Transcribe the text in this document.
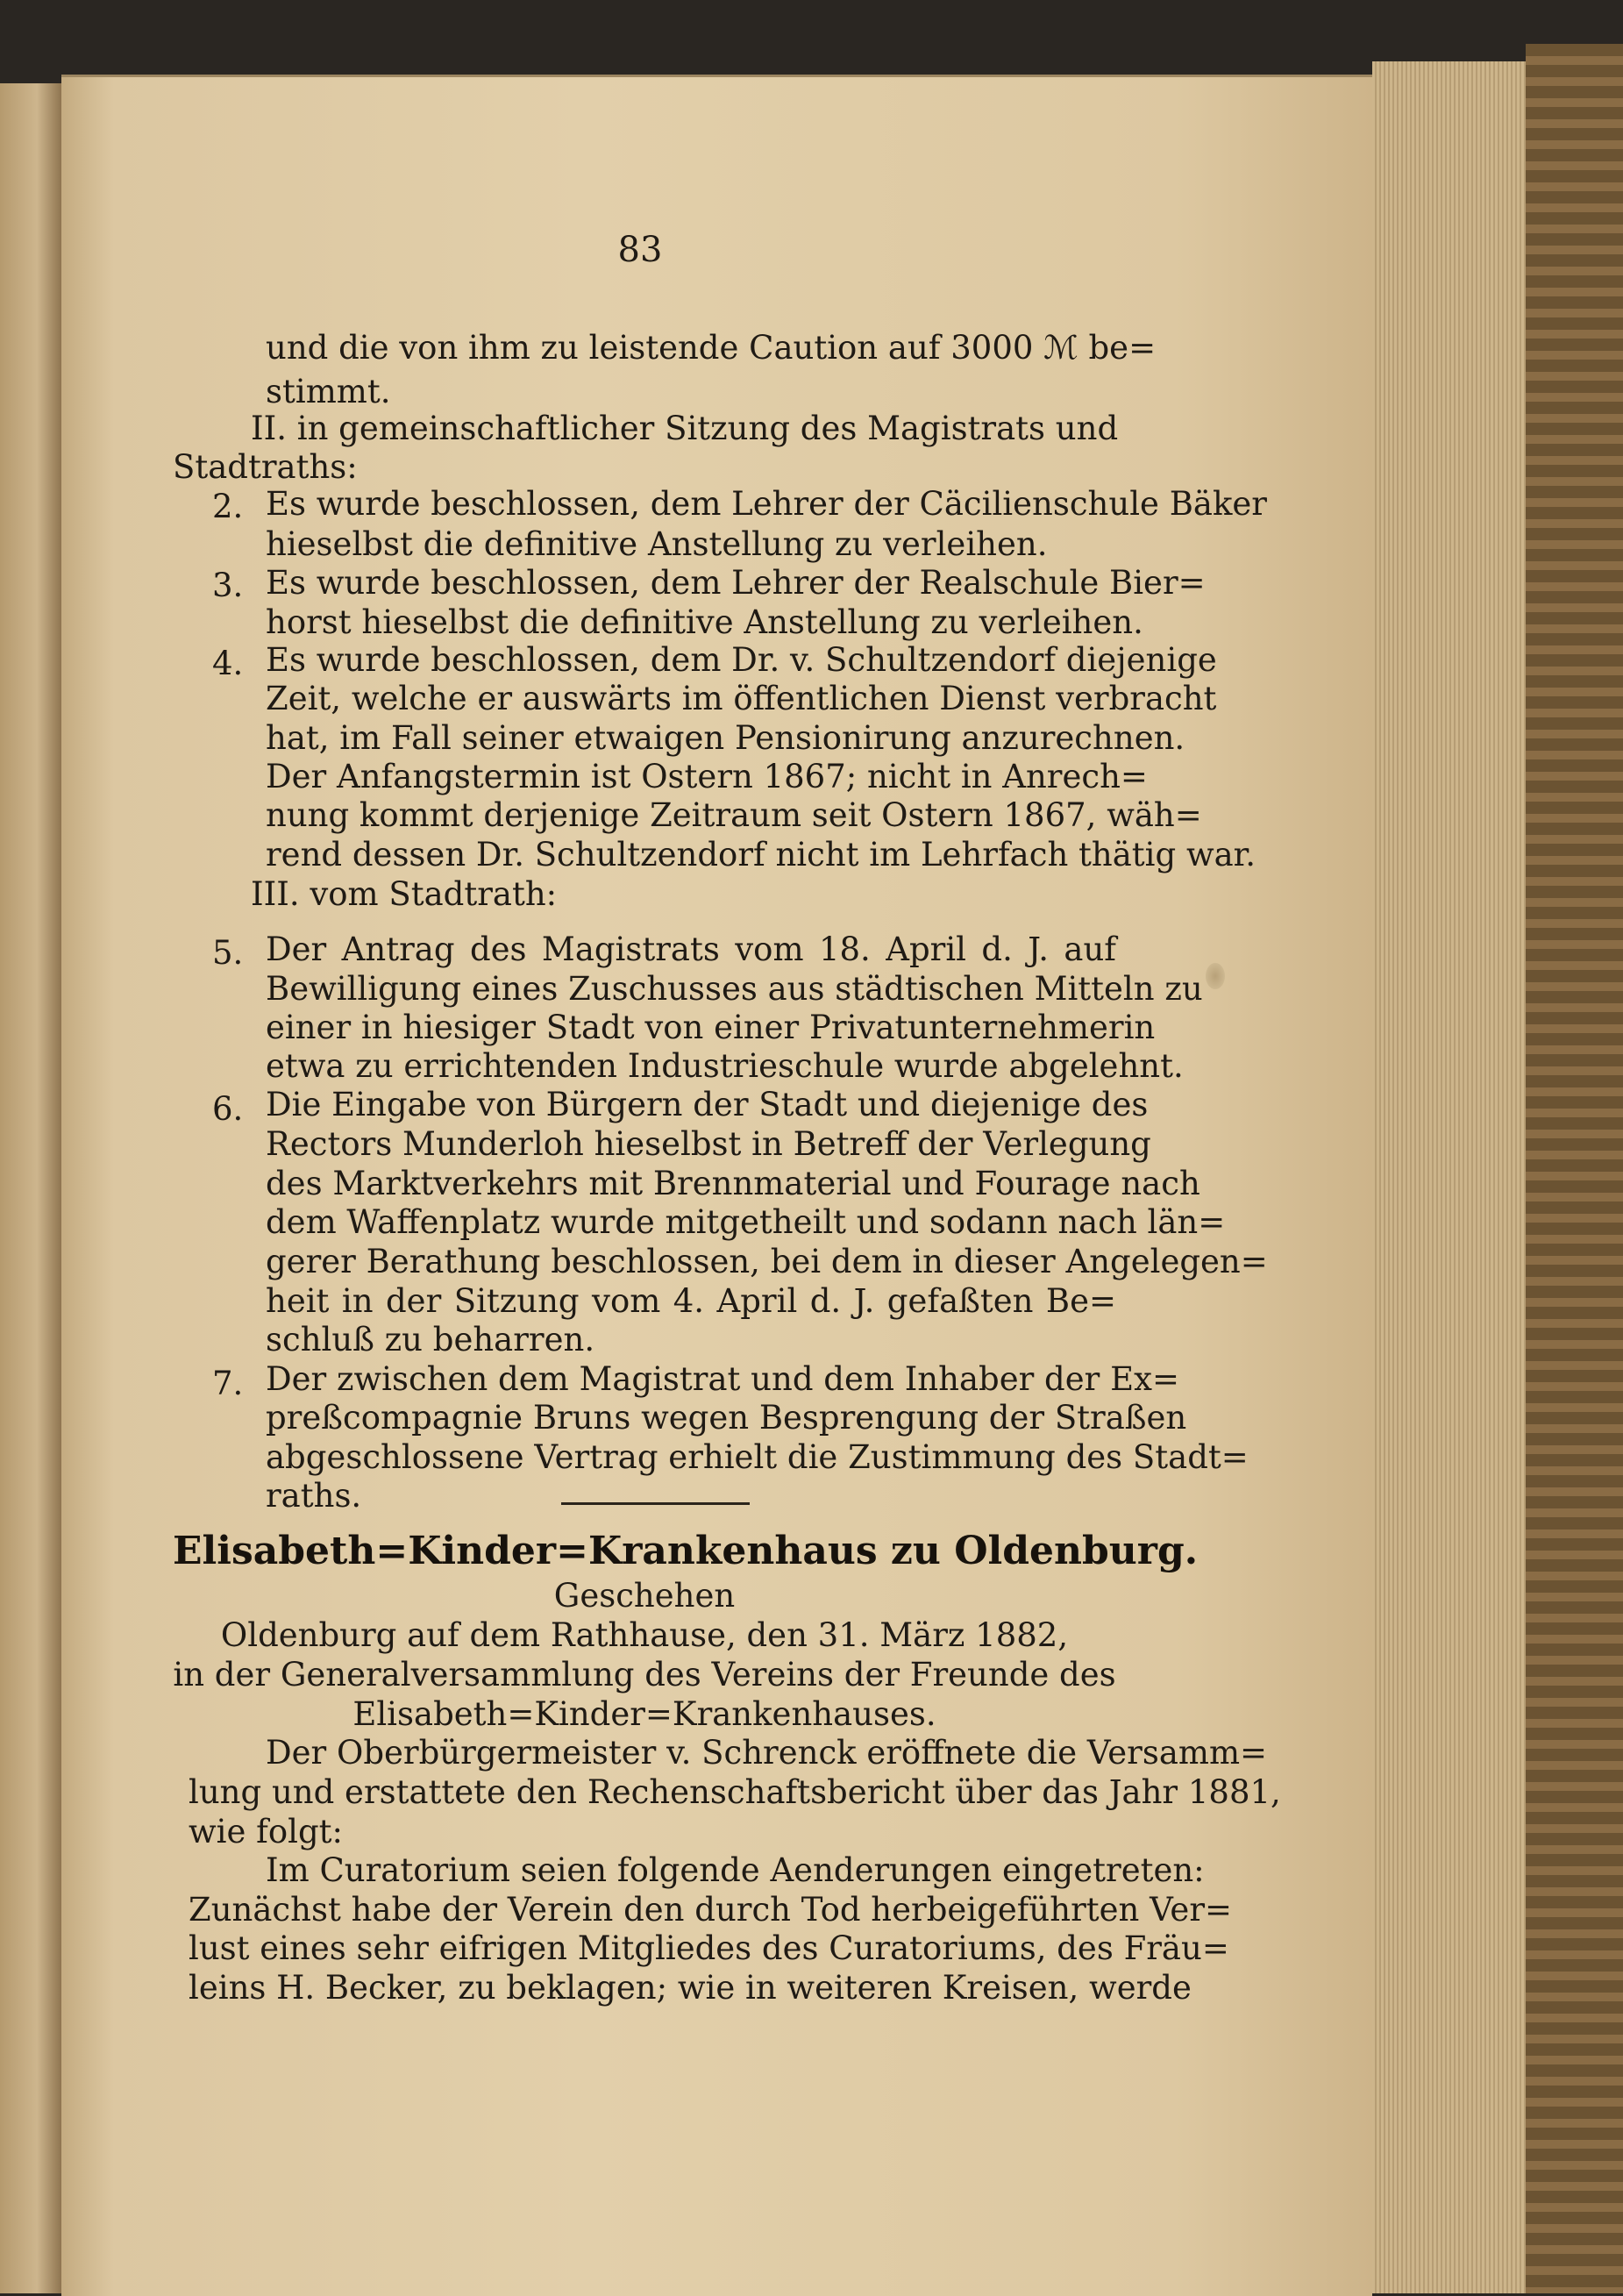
83
und die von ihm zu leistende Caution auf 3000 ℳ be=
stimmt.
II. in gemeinschaftlicher Sitzung des Magistrats und
Stadtraths:
2. Es wurde beschlossen, dem Lehrer der Cäcilienschule Bäker
hieselbst die definitive Anstellung zu verleihen.
3. Es wurde beschlossen, dem Lehrer der Realschule Bier=
horst hieselbst die definitive Anstellung zu verleihen.
4. Es wurde beschlossen, dem Dr. v. Schultzendorf diejenige
Zeit, welche er auswärts im öffentlichen Dienst verbracht
hat, im Fall seiner etwaigen Pensionirung anzurechnen.
Der Anfangstermin ist Ostern 1867; nicht in Anrech=
nung kommt derjenige Zeitraum seit Ostern 1867, wäh=
rend dessen Dr. Schultzendorf nicht im Lehrfach thätig war.
III. vom Stadtrath:
5. Der Antrag des Magistrats vom 18. April d. J. auf
Bewilligung eines Zuschusses aus städtischen Mitteln zu
einer in hiesiger Stadt von einer Privatunternehmerin
etwa zu errichtenden Industrieschule wurde abgelehnt.
6. Die Eingabe von Bürgern der Stadt und diejenige des
Rectors Munderloh hieselbst in Betreff der Verlegung
des Marktverkehrs mit Brennmaterial und Fourage nach
dem Waffenplatz wurde mitgetheilt und sodann nach län=
gerer Berathung beschlossen, bei dem in dieser Angelegen=
heit in der Sitzung vom 4. April d. J. gefaßten Be=
schluß zu beharren.
7. Der zwischen dem Magistrat und dem Inhaber der Ex=
preßcompagnie Bruns wegen Besprengung der Straßen
abgeschlossene Vertrag erhielt die Zustimmung des Stadt=
raths.
Elisabeth=Kinder=Krankenhaus zu Oldenburg.
Geschehen
Oldenburg auf dem Rathhause, den 31. März 1882,
in der Generalversammlung des Vereins der Freunde des
Elisabeth=Kinder=Krankenhauses.
Der Oberbürgermeister v. Schrenck eröffnete die Versamm=
lung und erstattete den Rechenschaftsbericht über das Jahr 1881,
wie folgt:
Im Curatorium seien folgende Aenderungen eingetreten:
Zunächst habe der Verein den durch Tod herbeigeführten Ver=
lust eines sehr eifrigen Mitgliedes des Curatoriums, des Fräu=
leins H. Becker, zu beklagen; wie in weiteren Kreisen, werde
